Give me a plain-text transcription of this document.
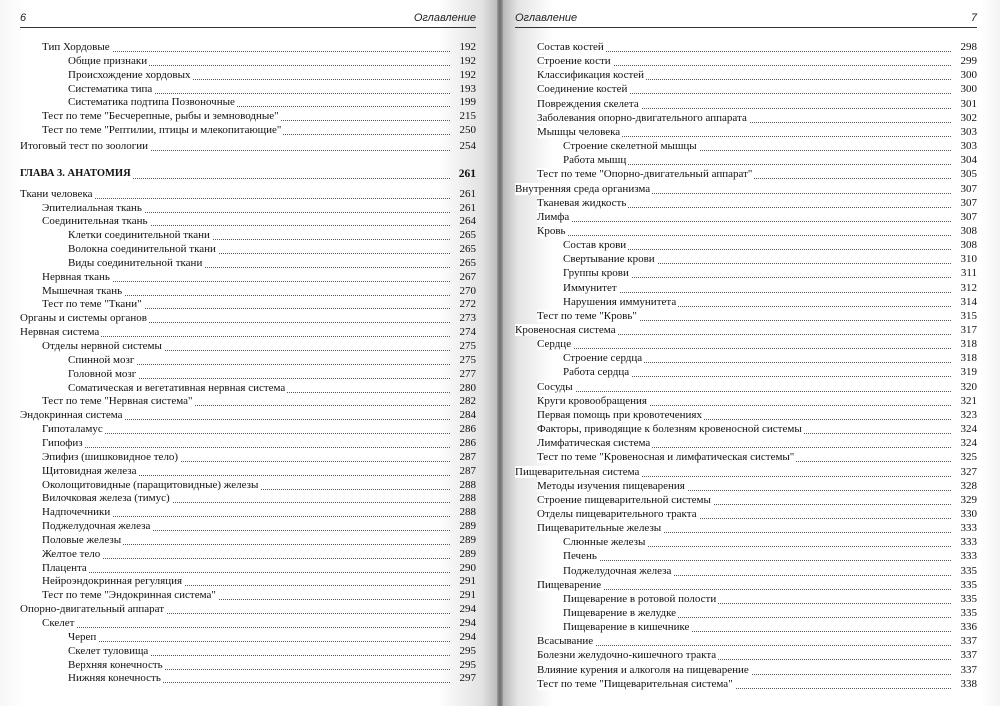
6	Оглавление
Тип Хордовые	192
Общие признаки	192
Происхождение хордовых	192
Систематика типа	193
Систематика подтипа Позвоночные	199
Тест по теме "Бесчерепные, рыбы и земноводные"	215
Тест по теме "Рептилии, птицы и млекопитающие"	250
Итоговый тест по зоологии	254
ГЛАВА 3. АНАТОМИЯ	261
Ткани человека	261
Эпителиальная ткань	261
Соединительная ткань	264
Клетки соединительной ткани	265
Волокна соединительной ткани	265
Виды соединительной ткани	265
Нервная ткань	267
Мышечная ткань	270
Тест по теме "Ткани"	272
Органы и системы органов	273
Нервная система	274
Отделы нервной системы	275
Спинной мозг	275
Головной мозг	277
Соматическая и вегетативная нервная система	280
Тест по теме "Нервная система"	282
Эндокринная система	284
Гипоталамус	286
Гипофиз	286
Эпифиз (шишковидное тело)	287
Щитовидная железа	287
Околощитовидные (паращитовидные) железы	288
Вилочковая железа (тимус)	288
Надпочечники	288
Поджелудочная железа	289
Половые железы	289
Желтое тело	289
Плацента	290
Нейроэндокринная регуляция	291
Тест по теме "Эндокринная система"	291
Опорно-двигательный аппарат	294
Скелет	294
Череп	294
Скелет туловища	295
Верхняя конечность	295
Нижняя конечность	297
Оглавление	7
Состав костей	298
Строение кости	299
Классификация костей	300
Соединение костей	300
Повреждения скелета	301
Заболевания опорно-двигательного аппарата	302
Мышцы человека	303
Строение скелетной мышцы	303
Работа мышц	304
Тест по теме "Опорно-двигательный аппарат"	305
Внутренняя среда организма	307
Тканевая жидкость	307
Лимфа	307
Кровь	308
Состав крови	308
Свертывание крови	310
Группы крови	311
Иммунитет	312
Нарушения иммунитета	314
Тест по теме "Кровь"	315
Кровеносная система	317
Сердце	318
Строение сердца	318
Работа сердца	319
Сосуды	320
Круги кровообращения	321
Первая помощь при кровотечениях	323
Факторы, приводящие к болезням кровеносной системы	324
Лимфатическая система	324
Тест по теме "Кровеносная и лимфатическая системы"	325
Пищеварительная система	327
Методы изучения пищеварения	328
Строение пищеварительной системы	329
Отделы пищеварительного тракта	330
Пищеварительные железы	333
Слюнные железы	333
Печень	333
Поджелудочная железа	335
Пищеварение	335
Пищеварение в ротовой полости	335
Пищеварение в желудке	335
Пищеварение в кишечнике	336
Всасывание	337
Болезни желудочно-кишечного тракта	337
Влияние курения и алкоголя на пищеварение	337
Тест по теме "Пищеварительная система"	338
